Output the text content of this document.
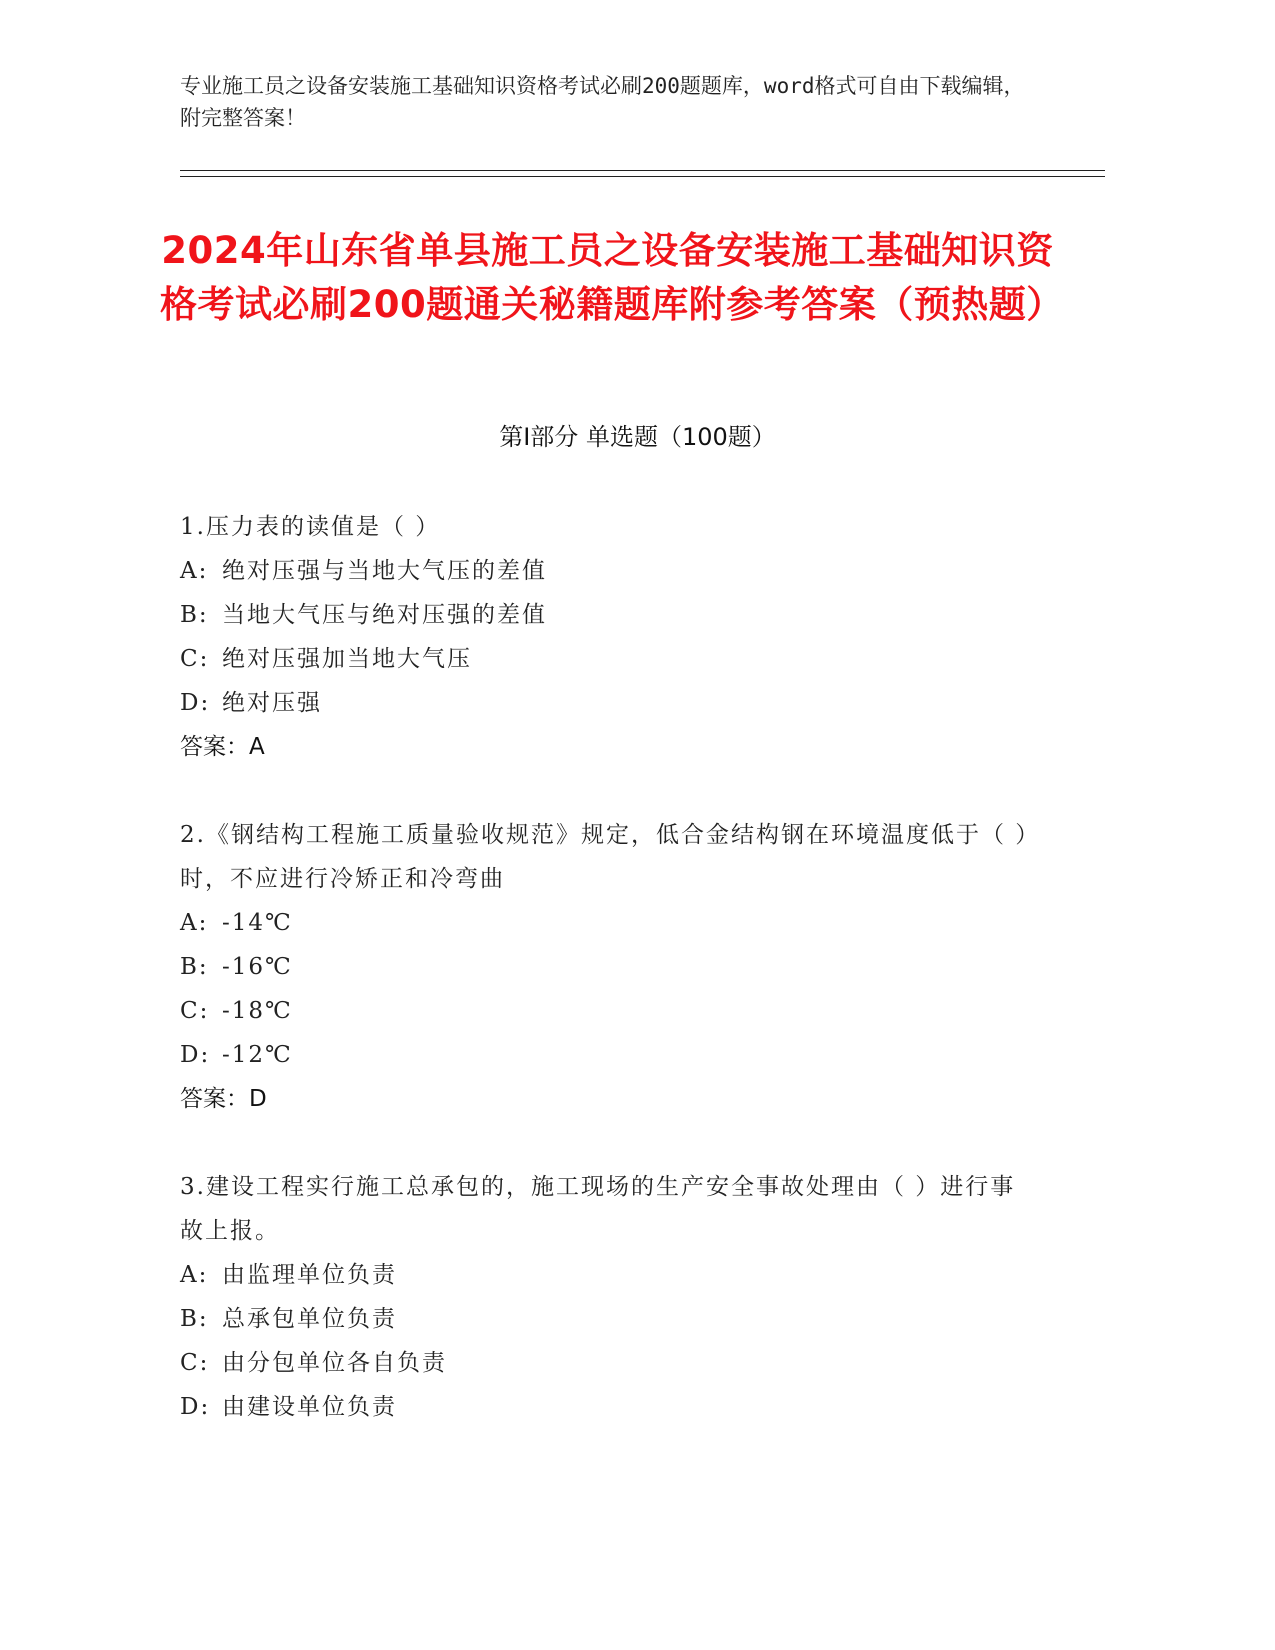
专业施工员之设备安装施工基础知识资格考试必刷200题题库，word格式可自由下载编辑，附完整答案！
2024年山东省单县施工员之设备安装施工基础知识资格考试必刷200题通关秘籍题库附参考答案（预热题）
第Ⅰ部分 单选题（100题）
1.压力表的读值是（ ）
A: 绝对压强与当地大气压的差值
B: 当地大气压与绝对压强的差值
C: 绝对压强加当地大气压
D: 绝对压强
答案：A
2.《钢结构工程施工质量验收规范》规定，低合金结构钢在环境温度低于（ ）时，不应进行冷矫正和冷弯曲
A: -14℃
B: -16℃
C: -18℃
D: -12℃
答案：D
3.建设工程实行施工总承包的，施工现场的生产安全事故处理由（ ）进行事故上报。
A: 由监理单位负责
B: 总承包单位负责
C: 由分包单位各自负责
D: 由建设单位负责
